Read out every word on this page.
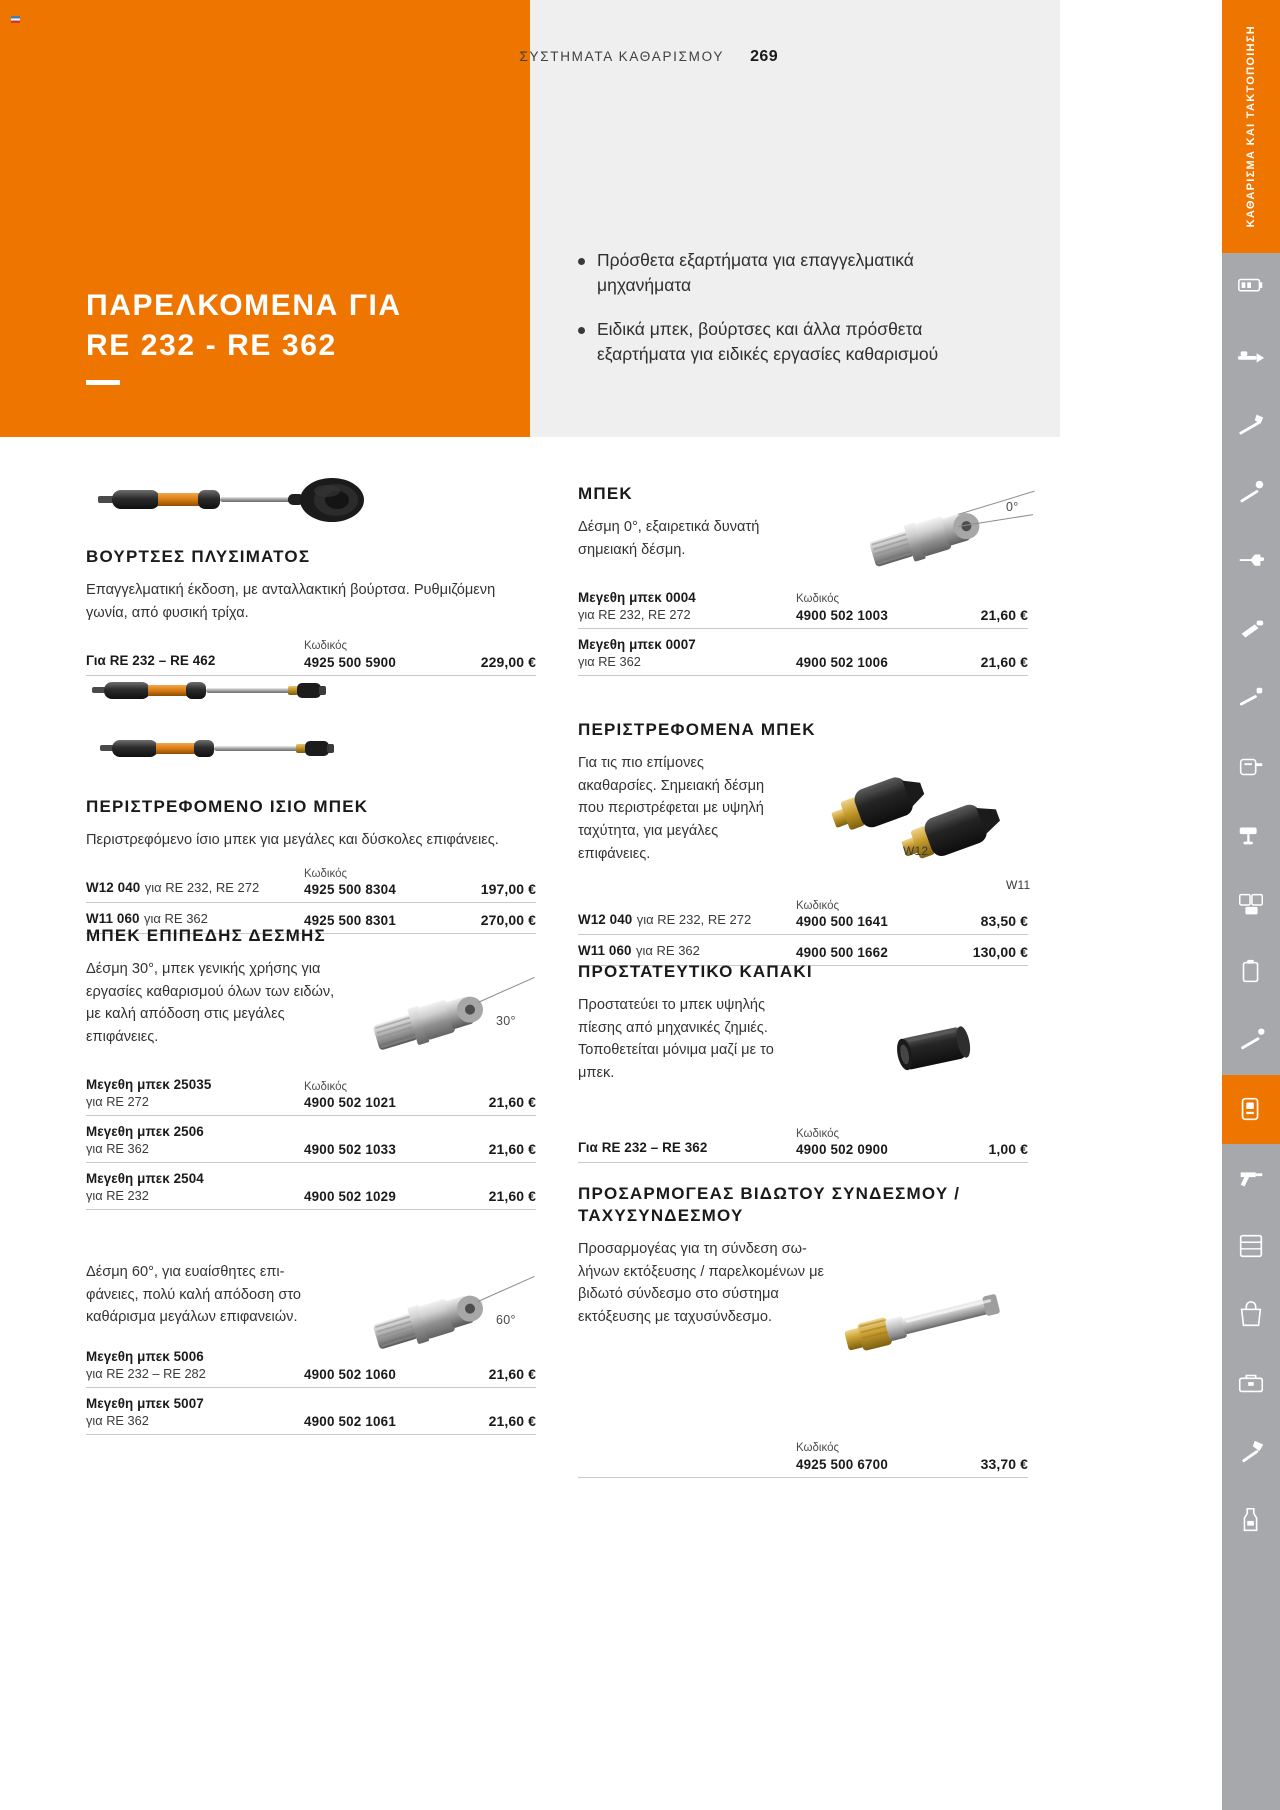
ΠΑΡΕΛΚΟΜΕΝΑ ΓΙΑ
RE 232 - RE 362
ΣΥΣΤΗΜΑΤΑ ΚΑΘΑΡΙΣΜΟΥ 269
Πρόσθετα εξαρτήματα για επαγγελματικά μηχανήματα
Ειδικά μπεκ, βούρτσες και άλλα πρόσθετα εξαρτήματα για ειδικές εργασίες καθαρισμού
ΒΟΥΡΤΣΕΣ ΠΛΥΣΙΜΑΤΟΣ
Επαγγελματική έκδοση, με ανταλλακτική βούρτσα. Ρυθμιζόμενη γωνία, από φυσική τρίχα.
Για RE 232 – RE 462
Κωδικός
4925 500 5900	229,00 €
ΠΕΡΙΣΤΡΕΦΟΜΕΝΟ ΙΣΙΟ ΜΠΕΚ
Περιστρεφόμενο ίσιο μπεκ για μεγάλες και δύσκολες επιφάνειες.
W12 040 για RE 232, RE 272
Κωδικός
4925 500 8304	197,00 €
W11 060 για RE 362	4925 500 8301	270,00 €
ΜΠΕΚ ΕΠΙΠΕΔΗΣ ΔΕΣΜΗΣ
Δέσμη 30°, μπεκ γενικής χρήσης για εργασίες καθαρισμού όλων των ειδών, με καλή απόδοση στις μεγάλες επιφάνειες.
30°
Μεγεθη μπεκ 25035
για RE 272
Κωδικός
4900 502 1021	21,60 €
Μεγεθη μπεκ 2506
για RE 362	4900 502 1033	21,60 €
Μεγεθη μπεκ 2504
για RE 232	4900 502 1029	21,60 €
Δέσμη 60°, για ευαίσθητες επι-φάνειες, πολύ καλή απόδοση στο καθάρισμα μεγάλων επιφανειών.	60°
Μεγεθη μπεκ 5006
για RE 232 – RE 282	4900 502 1060	21,60 €
Μεγεθη μπεκ 5007
για RE 362	4900 502 1061	21,60 €
ΜΠΕΚ
Δέσμη 0°, εξαιρετικά δυνατή σημειακή δέσμη.
0°
Μεγεθη μπεκ 0004
για RE 232, RE 272
Κωδικός
4900 502 1003	21,60 €
Μεγεθη μπεκ 0007
για RE 362	4900 502 1006	21,60 €
ΠΕΡΙΣΤΡΕΦΟΜΕΝΑ ΜΠΕΚ
Για τις πιο επίμονες ακαθαρσίες. Σημειακή δέσμη που περιστρέφεται με υψηλή ταχύτητα, για μεγάλες επιφάνειες.	W12
W11
W12 040 για RE 232, RE 272
Κωδικός
4900 500 1641	83,50 €
W11 060 για RE 362	4900 500 1662	130,00 €
ΠΡΟΣΤΑΤΕΥΤΙΚΟ ΚΑΠΑΚΙ
Προστατεύει το μπεκ υψηλής πίεσης από μηχανικές ζημιές. Τοποθετείται μόνιμα μαζί με το μπεκ.
Για RE 232 – RE 362
Κωδικός
4900 502 0900	1,00 €
ΠΡΟΣΑΡΜΟΓΕΑΣ ΒΙΔΩΤΟΥ ΣΥΝΔΕΣΜΟΥ /ΤΑΧΥΣΥΝΔΕΣΜΟΥ
Προσαρμογέας για τη σύνδεση σω-λήνων εκτόξευσης / παρελκομένων με βιδωτό σύνδεσμο στο σύστημα εκτόξευσης με ταχυσύνδεσμο.
Κωδικός
4925 500 6700	33,70 €
ΚΑΘΑΡΙΣΜΑ ΚΑΙ ΤΑΚΤΟΠΟΙΗΣΗ
